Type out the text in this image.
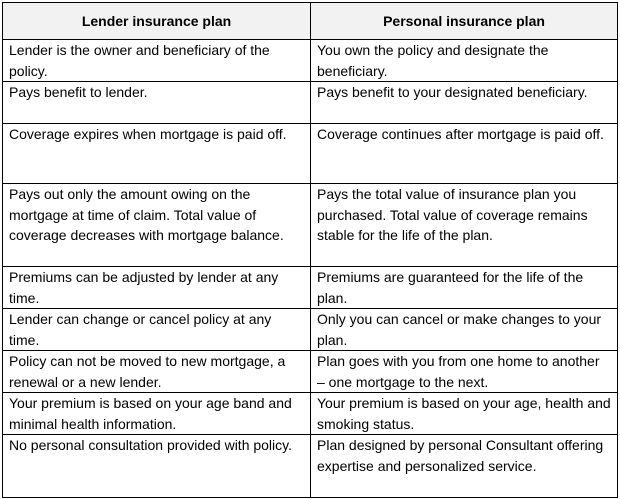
Lender insurance plan	Personal insurance plan
Lender is the owner and beneficiary of the policy.	You own the policy and designate the beneficiary.
Pays benefit to lender.	Pays benefit to your designated beneficiary.
Coverage expires when mortgage is paid off.	Coverage continues after mortgage is paid off.
Pays out only the amount owing on the mortgage at time of claim. Total value of coverage decreases with mortgage balance.	Pays the total value of insurance plan you purchased. Total value of coverage remains stable for the life of the plan.
Premiums can be adjusted by lender at any time.	Premiums are guaranteed for the life of the plan.
Lender can change or cancel policy at any time.	Only you can cancel or make changes to your plan.
Policy can not be moved to new mortgage, a renewal or a new lender.	Plan goes with you from one home to another – one mortgage to the next.
Your premium is based on your age band and minimal health information.	Your premium is based on your age, health and smoking status.
No personal consultation provided with policy.	Plan designed by personal Consultant offering expertise and personalized service.
